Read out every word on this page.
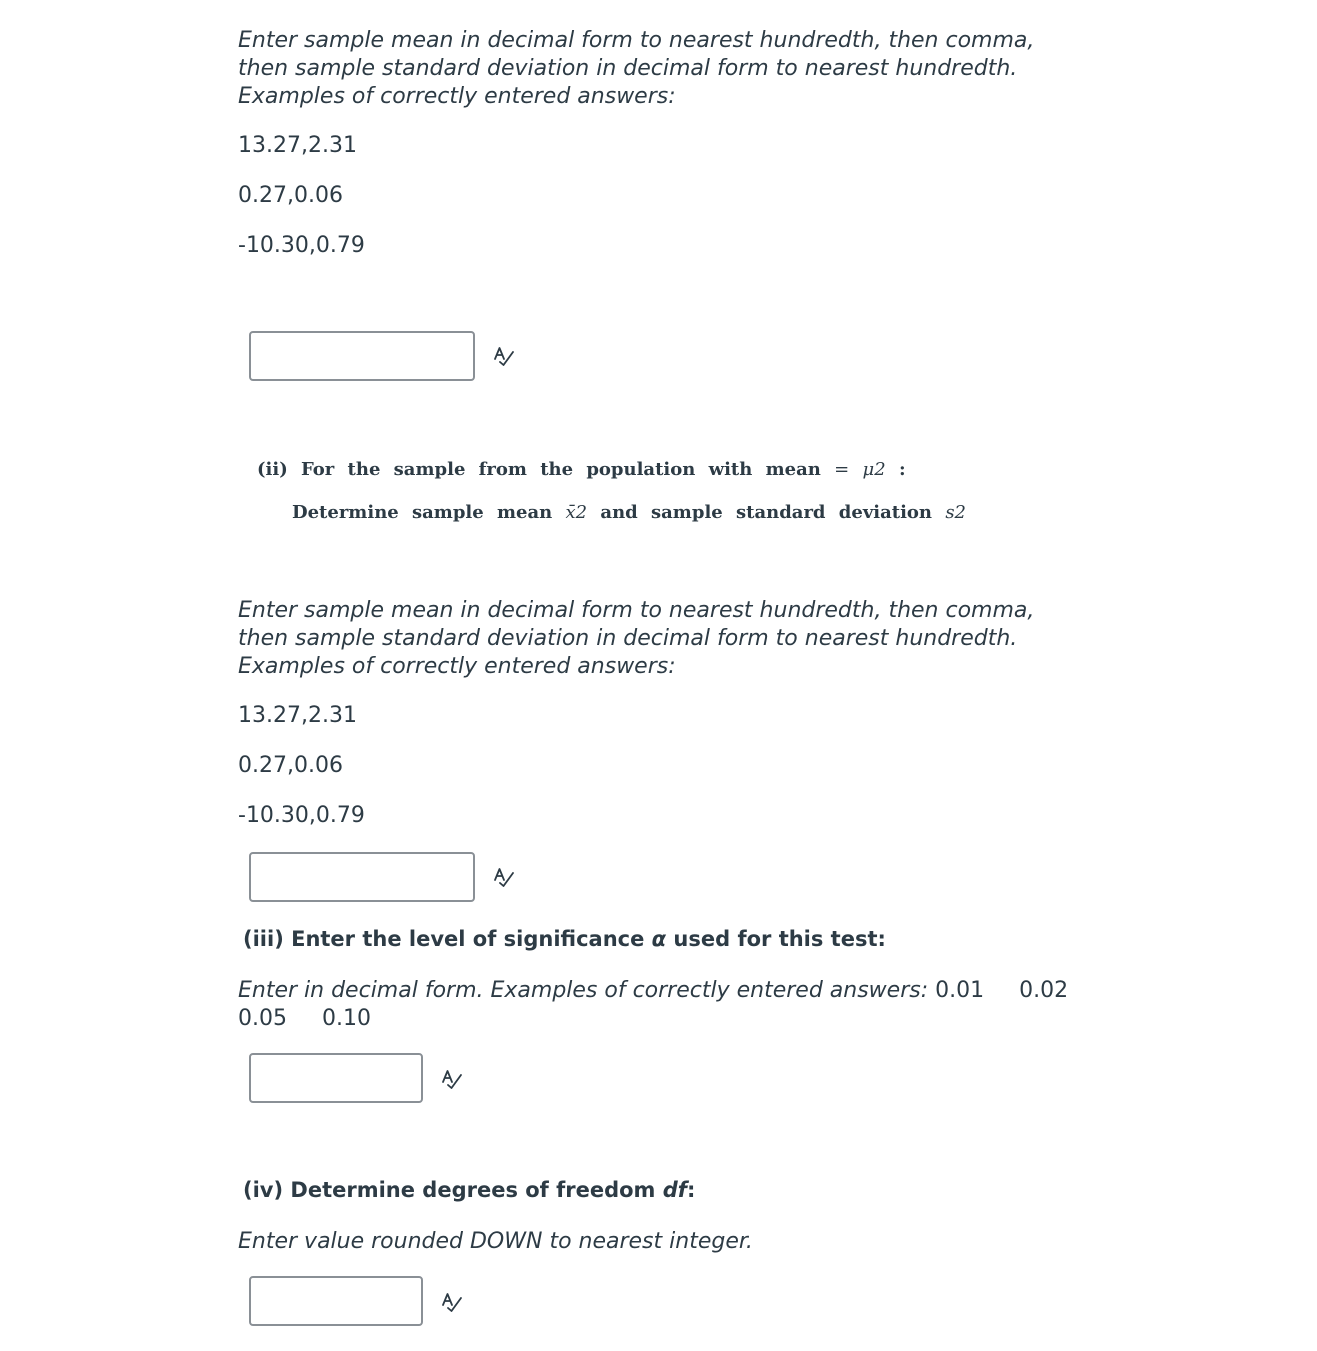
Enter sample mean in decimal form to nearest hundredth, then comma, then sample standard deviation in decimal form to nearest hundredth. Examples of correctly entered answers:

13.27,2.31
0.27,0.06
-10.30,0.79
(ii) For the sample from the population with mean = μ2 :
Determine sample mean x̄2 and sample standard deviation s2

Enter sample mean in decimal form to nearest hundredth, then comma, then sample standard deviation in decimal form to nearest hundredth. Examples of correctly entered answers:

13.27,2.31
0.27,0.06
-10.30,0.79
(iii) Enter the level of significance α used for this test:
Enter in decimal form. Examples of correctly entered answers: 0.01     0.02
0.05     0.10
(iv) Determine degrees of freedom df:

Enter value rounded DOWN to nearest integer.
